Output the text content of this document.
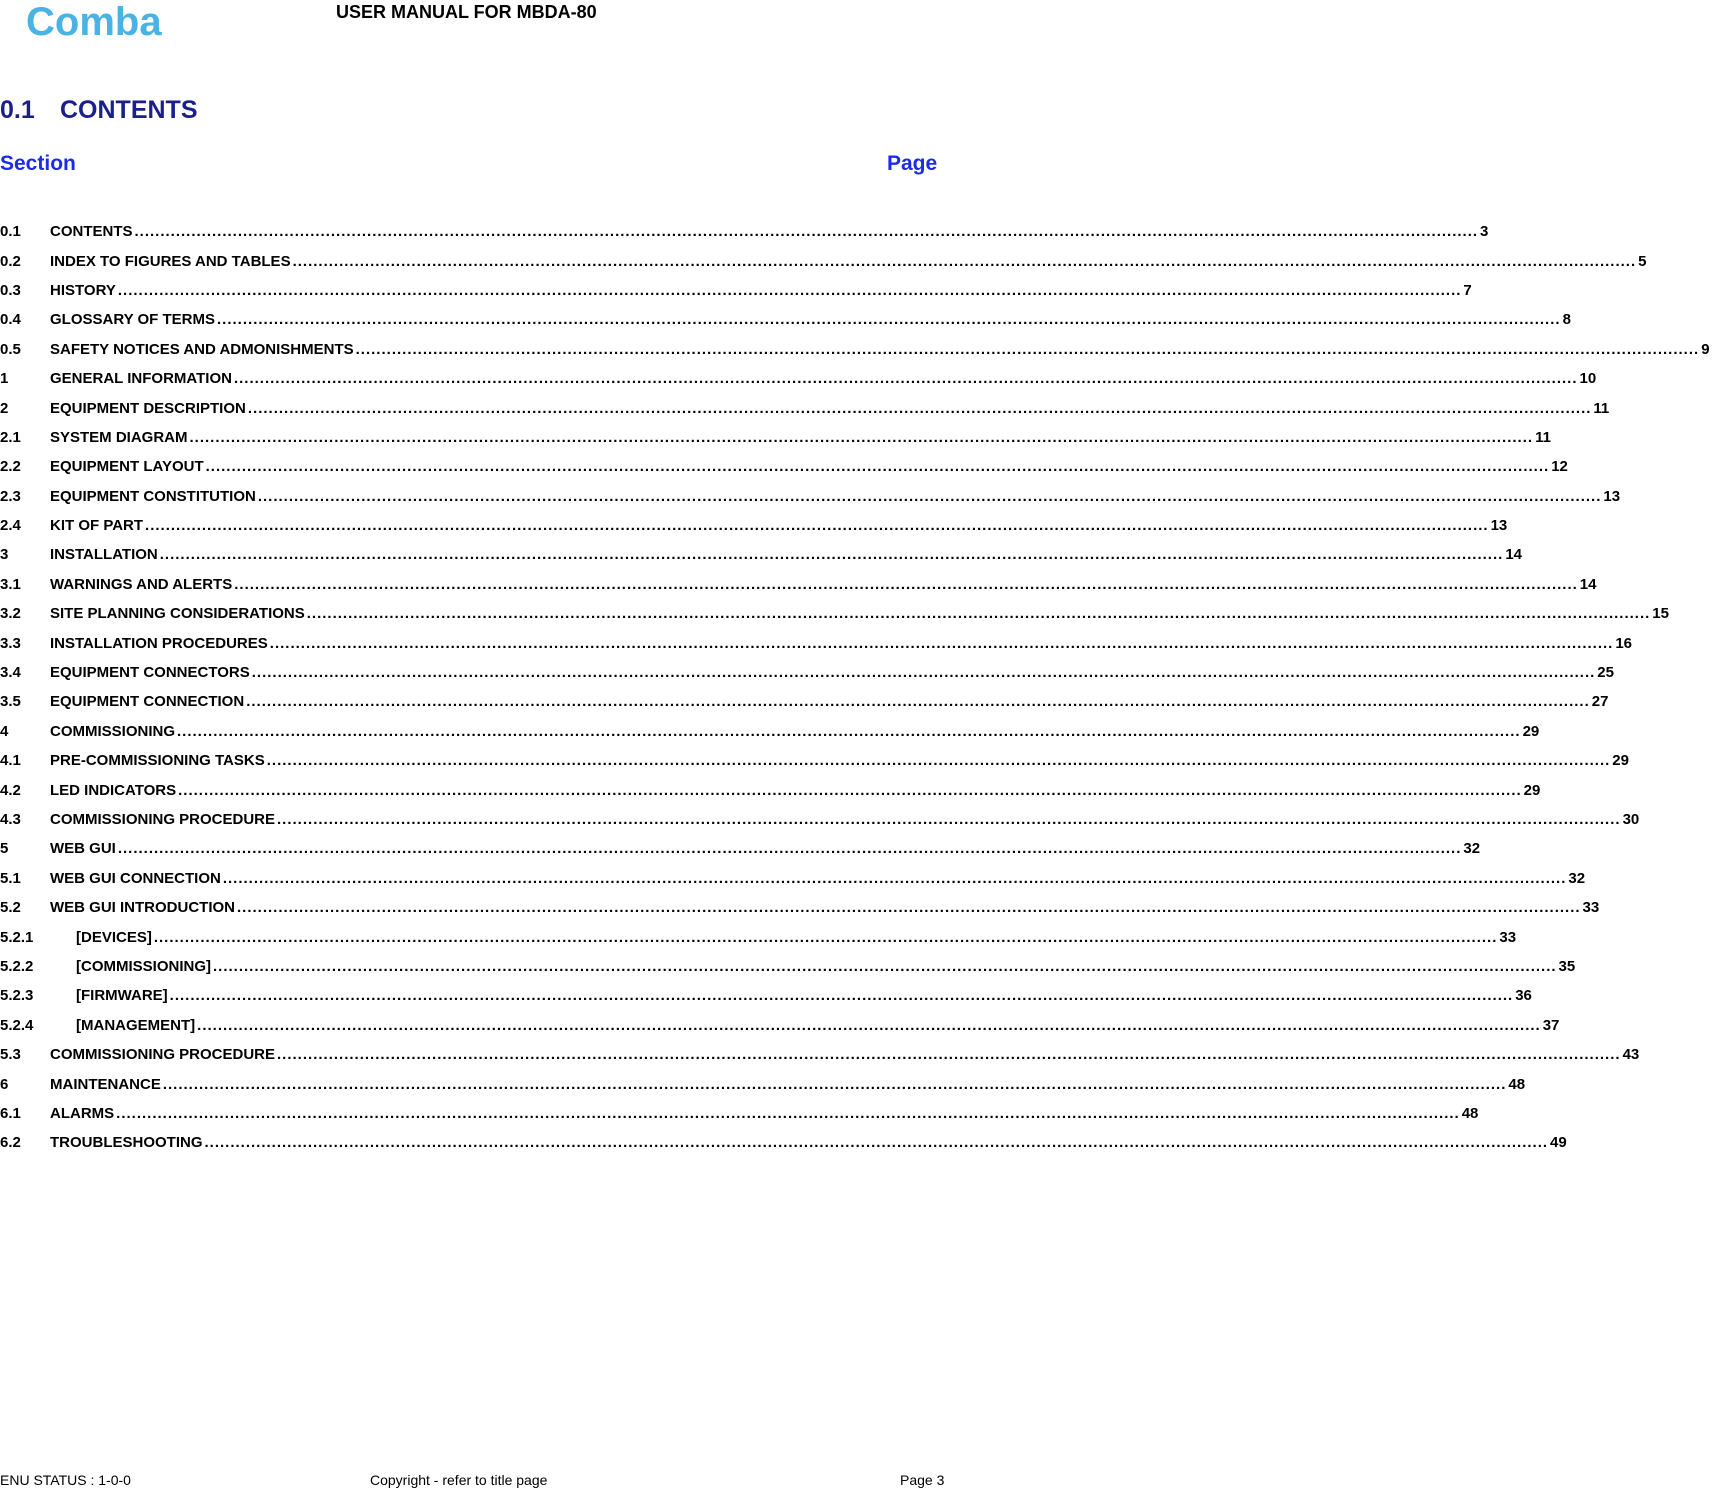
Comba	USER MANUAL FOR MBDA-80
0.1 CONTENTS
Section	Page
0.1	CONTENTS .................................................................................................................................................................................................................................................................... 3
0.2	INDEX TO FIGURES AND TABLES .................................................................................................................................................................................................................................................................... 5
0.3	HISTORY .................................................................................................................................................................................................................................................................... 7
0.4	GLOSSARY OF TERMS .................................................................................................................................................................................................................................................................... 8
0.5	SAFETY NOTICES AND ADMONISHMENTS .................................................................................................................................................................................................................................................................... 9
1	GENERAL INFORMATION .................................................................................................................................................................................................................................................................... 10
2	EQUIPMENT DESCRIPTION .................................................................................................................................................................................................................................................................... 11
2.1	SYSTEM DIAGRAM .................................................................................................................................................................................................................................................................... 11
2.2	EQUIPMENT LAYOUT .................................................................................................................................................................................................................................................................... 12
2.3	EQUIPMENT CONSTITUTION .................................................................................................................................................................................................................................................................... 13
2.4	KIT OF PART .................................................................................................................................................................................................................................................................... 13
3	INSTALLATION .................................................................................................................................................................................................................................................................... 14
3.1	WARNINGS AND ALERTS .................................................................................................................................................................................................................................................................... 14
3.2	SITE PLANNING CONSIDERATIONS .................................................................................................................................................................................................................................................................... 15
3.3	INSTALLATION PROCEDURES .................................................................................................................................................................................................................................................................... 16
3.4	EQUIPMENT CONNECTORS .................................................................................................................................................................................................................................................................... 25
3.5	EQUIPMENT CONNECTION .................................................................................................................................................................................................................................................................... 27
4	COMMISSIONING .................................................................................................................................................................................................................................................................... 29
4.1	PRE-COMMISSIONING TASKS .................................................................................................................................................................................................................................................................... 29
4.2	LED INDICATORS .................................................................................................................................................................................................................................................................... 29
4.3	COMMISSIONING PROCEDURE .................................................................................................................................................................................................................................................................... 30
5	WEB GUI .................................................................................................................................................................................................................................................................... 32
5.1	WEB GUI CONNECTION .................................................................................................................................................................................................................................................................... 32
5.2	WEB GUI INTRODUCTION .................................................................................................................................................................................................................................................................... 33
5.2.1	[DEVICES] .................................................................................................................................................................................................................................................................... 33
5.2.2	[COMMISSIONING] .................................................................................................................................................................................................................................................................... 35
5.2.3	[FIRMWARE] .................................................................................................................................................................................................................................................................... 36
5.2.4	[MANAGEMENT] .................................................................................................................................................................................................................................................................... 37
5.3	COMMISSIONING PROCEDURE .................................................................................................................................................................................................................................................................... 43
6	MAINTENANCE .................................................................................................................................................................................................................................................................... 48
6.1	ALARMS .................................................................................................................................................................................................................................................................... 48
6.2	TROUBLESHOOTING .................................................................................................................................................................................................................................................................... 49
ENU STATUS : 1-0-0	Copyright - refer to title page	Page 3
